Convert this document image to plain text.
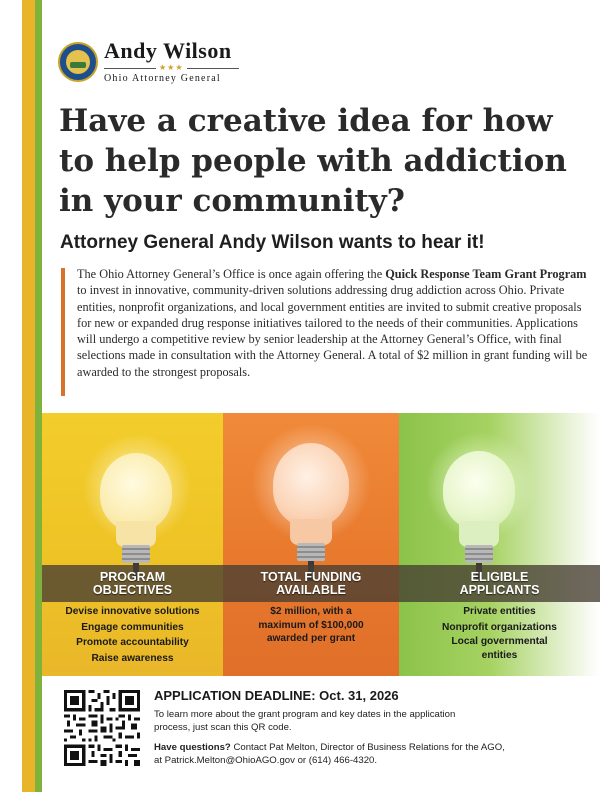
Andy Wilson
★★★
Ohio Attorney General
Have a creative idea for how
to help people with addiction
in your community?
Attorney General Andy Wilson wants to hear it!
The Ohio Attorney General’s Office is once again offering the Quick Response Team Grant Program to invest in innovative, community-driven solutions addressing drug addiction across Ohio. Private entities, nonprofit organizations, and local government entities are invited to submit creative proposals for new or expanded drug response initiatives tailored to the needs of their communities. Applications will undergo a competitive review by senior leadership at the Attorney General’s Office, with final selections made in consultation with the Attorney General. A total of $2 million in grant funding will be awarded to the strongest proposals.
PROGRAM OBJECTIVES
TOTAL FUNDING AVAILABLE
ELIGIBLE APPLICANTS
Devise innovative solutions
Engage communities
Promote accountability
Raise awareness
$2 million, with a maximum of $100,000 awarded per grant
Private entities
Nonprofit organizations
Local governmental entities
APPLICATION DEADLINE: Oct. 31, 2026
To learn more about the grant program and key dates in the application process, just scan this QR code.
Have questions? Contact Pat Melton, Director of Business Relations for the AGO, at Patrick.Melton@OhioAGO.gov or (614) 466-4320.
